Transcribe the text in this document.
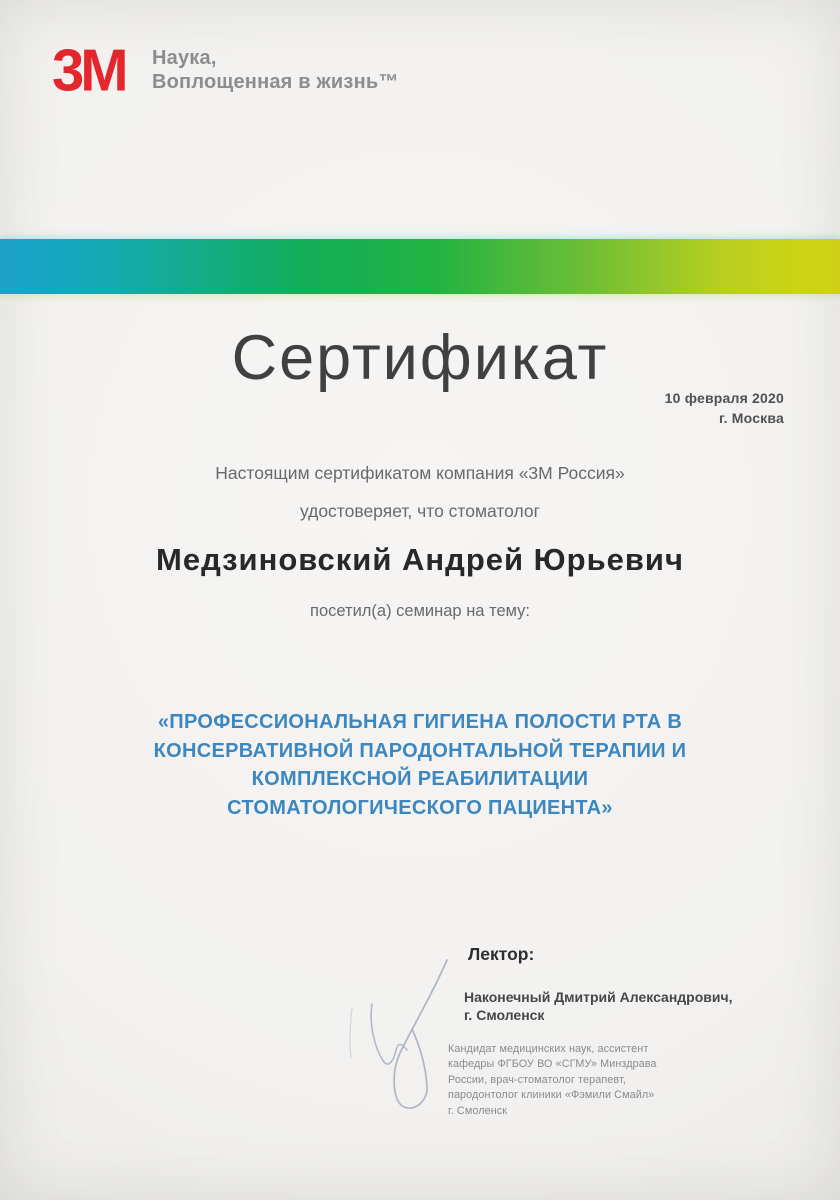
3M Наука,
Воплощенная в жизнь™
Сертификат
10 февраля 2020
г. Москва
Настоящим сертификатом компания «3М Россия»
удостоверяет, что стоматолог
Медзиновский Андрей Юрьевич
посетил(а) семинар на тему:
«ПРОФЕССИОНАЛЬНАЯ ГИГИЕНА ПОЛОСТИ РТА В
КОНСЕРВАТИВНОЙ ПАРОДОНТАЛЬНОЙ ТЕРАПИИ И
КОМПЛЕКСНОЙ РЕАБИЛИТАЦИИ
СТОМАТОЛОГИЧЕСКОГО ПАЦИЕНТА»
Лектор:
Наконечный Дмитрий Александрович,
г. Смоленск
Кандидат медицинских наук, ассистент
кафедры ФГБОУ ВО «СГМУ» Минздрава
России, врач-стоматолог терапевт,
пародонтолог клиники «Фэмили Смайл»
г. Смоленск
